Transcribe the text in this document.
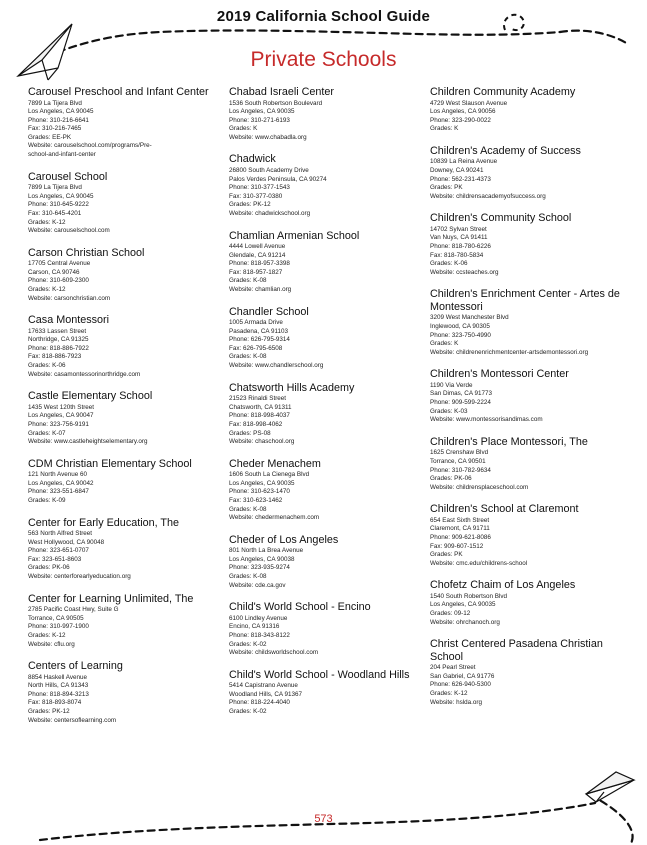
2019 California School Guide
Private Schools
Carousel Preschool and Infant Center
7899 La Tijera Blvd
Los Angeles, CA 90045
Phone: 310-216-6641
Fax: 310-216-7465
Grades: EE-PK
Website: carouselschool.com/programs/Pre-
school-and-infant-center
Carousel School
7899 La Tijera Blvd
Los Angeles, CA 90045
Phone: 310-645-9222
Fax: 310-645-4201
Grades: K-12
Website: carouselschool.com
Carson Christian School
17705 Central Avenue
Carson, CA 90746
Phone: 310-609-2300
Grades: K-12
Website: carsonchristian.com
Casa Montessori
17633 Lassen Street
Northridge, CA 91325
Phone: 818-886-7922
Fax: 818-886-7923
Grades: K-06
Website: casamontessorinorthridge.com
Castle Elementary School
1435 West 120th Street
Los Angeles, CA 90047
Phone: 323-756-9191
Grades: K-07
Website: www.castleheightselementary.org
CDM Christian Elementary School
121 North Avenue 60
Los Angeles, CA 90042
Phone: 323-551-6847
Grades: K-09
Center for Early Education, The
563 North Alfred Street
West Hollywood, CA 90048
Phone: 323-651-0707
Fax: 323-651-8603
Grades: PK-06
Website: centerforearlyeducation.org
Center for Learning Unlimited, The
2785 Pacific Coast Hwy, Suite G
Torrance, CA 90505
Phone: 310-997-1900
Grades: K-12
Website: cflu.org
Centers of Learning
8854 Haskell Avenue
North Hills, CA 91343
Phone: 818-894-3213
Fax: 818-893-8074
Grades: PK-12
Website: centersoflearning.com
Chabad Israeli Center
1536 South Robertson Boulevard
Los Angeles, CA 90035
Phone: 310-271-6193
Grades: K
Website: www.chabadla.org
Chadwick
26800 South Academy Drive
Palos Verdes Peninsula, CA 90274
Phone: 310-377-1543
Fax: 310-377-0380
Grades: PK-12
Website: chadwickschool.org
Chamlian Armenian School
4444 Lowell Avenue
Glendale, CA 91214
Phone: 818-957-3398
Fax: 818-957-1827
Grades: K-08
Website: chamlian.org
Chandler School
1005 Armada Drive
Pasadena, CA 91103
Phone: 626-795-9314
Fax: 626-795-6508
Grades: K-08
Website: www.chandlerschool.org
Chatsworth Hills Academy
21523 Rinaldi Street
Chatsworth, CA 91311
Phone: 818-998-4037
Fax: 818-998-4062
Grades: PS-08
Website: chaschool.org
Cheder Menachem
1606 South La Cienega Blvd
Los Angeles, CA 90035
Phone: 310-623-1470
Fax: 310-623-1462
Grades: K-08
Website: chedermenachem.com
Cheder of Los Angeles
801 North La Brea Avenue
Los Angeles, CA 90038
Phone: 323-935-9274
Grades: K-08
Website: cde.ca.gov
Child's World School - Encino
6100 Lindley Avenue
Encino, CA 91316
Phone: 818-343-8122
Grades: K-02
Website: childsworldschool.com
Child's World School - Woodland Hills
5414 Capistrano Avenue
Woodland Hills, CA 91367
Phone: 818-224-4040
Grades: K-02
Children Community Academy
4729 West Slauson Avenue
Los Angeles, CA 90056
Phone: 323-290-0022
Grades: K
Children's Academy of Success
10839 La Reina Avenue
Downey, CA 90241
Phone: 562-231-4373
Grades: PK
Website: childrensacademyofsuccess.org
Children's Community School
14702 Sylvan Street
Van Nuys, CA 91411
Phone: 818-780-6226
Fax: 818-780-5834
Grades: K-06
Website: ccsteaches.org
Children's Enrichment Center - Artes de Montessori
3209 West Manchester Blvd
Inglewood, CA 90305
Phone: 323-750-4990
Grades: K
Website: childrenenrichmentcenter-artsdemontessori.org
Children's Montessori Center
1190 Via Verde
San Dimas, CA 91773
Phone: 909-599-2224
Grades: K-03
Website: www.montessorisandimas.com
Children's Place Montessori, The
1625 Crenshaw Blvd
Torrance, CA 90501
Phone: 310-782-9634
Grades: PK-06
Website: childrensplaceschool.com
Children's School at Claremont
654 East Sixth Street
Claremont, CA 91711
Phone: 909-621-8086
Fax: 909-607-1512
Grades: PK
Website: cmc.edu/childrens-school
Chofetz Chaim of Los Angeles
1540 South Robertson Blvd
Los Angeles, CA 90035
Grades: 09-12
Website: ohrchanoch.org
Christ Centered Pasadena Christian School
204 Pearl Street
San Gabriel, CA 91776
Phone: 626-940-5300
Grades: K-12
Website: hslda.org
573
